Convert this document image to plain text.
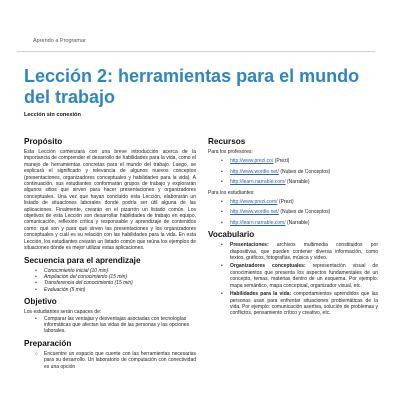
Aprendo a Programar
Lección 2: herramientas para el mundo del trabajo
Lección sin conexión
Propósito

Esta Lección comenzará con una breve introducción acerca de la importancia de comprender el desarrollo de habilidades para la vida, como el manejo de herramientas concretas para el mundo del trabajo. Luego, se explicará el significado y relevancia de algunos nuevos conceptos (presentaciones, organizadores conceptuales y habilidades para la vida). A continuación, sus estudiantes conformarán grupos de trabajo y explorarán algunos sitios que sirven para hacer presentaciones y organizadores conceptuales. Una vez que hayan concluido esta Lección, elaborarán un listado de situaciones laborales donde podría ser útil alguna de las aplicaciones. Finalmente, crearán en el pizarrón un listado común. Los objetivos de esta Lección son desarrollar habilidades de trabajo en equipo, comunicación, reflexión crítica y responsable y aprendizaje de contenidos como: qué son y para qué sirven las presentaciones y los organizadores conceptuales y cuál es su relación con las habilidades para la vida. En esta Lección, los estudiantes crearán un listado común que reúna los ejemplos de situaciones dónde es mejor utilizar estas aplicaciones.

Secuencia para el aprendizaje
• Conocimiento inicial (10 min)
• Ampliación del conocimiento (15 min)
• Transferencia del conocimiento (15 min)
• Evaluación (5 min)
Objetivo
Los estudiantes serán capaces de:
• Comparar las ventajas y desventajas asociadas con tecnologías informáticas que afectan las vidas de las personas y las opciones laborales.
Preparación
○ Encuentre un espacio que cuente con las herramientas necesarias para su desarrollo. Un laboratorio de computación con conectividad es una opción
Recursos
Para los profesores:
• http://www.prezi.co/ (Prezi)
• http://www.wordle.net/ (Nubes de Conceptos)
• http://learn.narrable.com/ (Narrable)
Para los estudiantes:
• http://www.prezi.com/ (Prezi)
• http://www.wordle.net/ (Nubes de Conceptos)
• http://learn.narrable.com/ (Narrable)
Vocabulario
• Presentaciones: archivos multimedia constituidos por diapositivas, que pueden contener diversa información, como textos, gráficos, fotografías, música y video.
• Organizadores conceptuales: representación visual de conocimientos que presenta los aspectos fundamentales de un concepto, temas, materias dentro de un esquema. Por ejemplo: mapa semántico, mapa conceptual, organizador visual, etc.
• Habilidades para la vida: comportamientos aprendidos que las personas usan para enfrentar situaciones problemáticas de la vida. Por ejemplo: comunicación asertiva, solución de problemas y conflictos, pensamiento crítico y creativo, etc.
